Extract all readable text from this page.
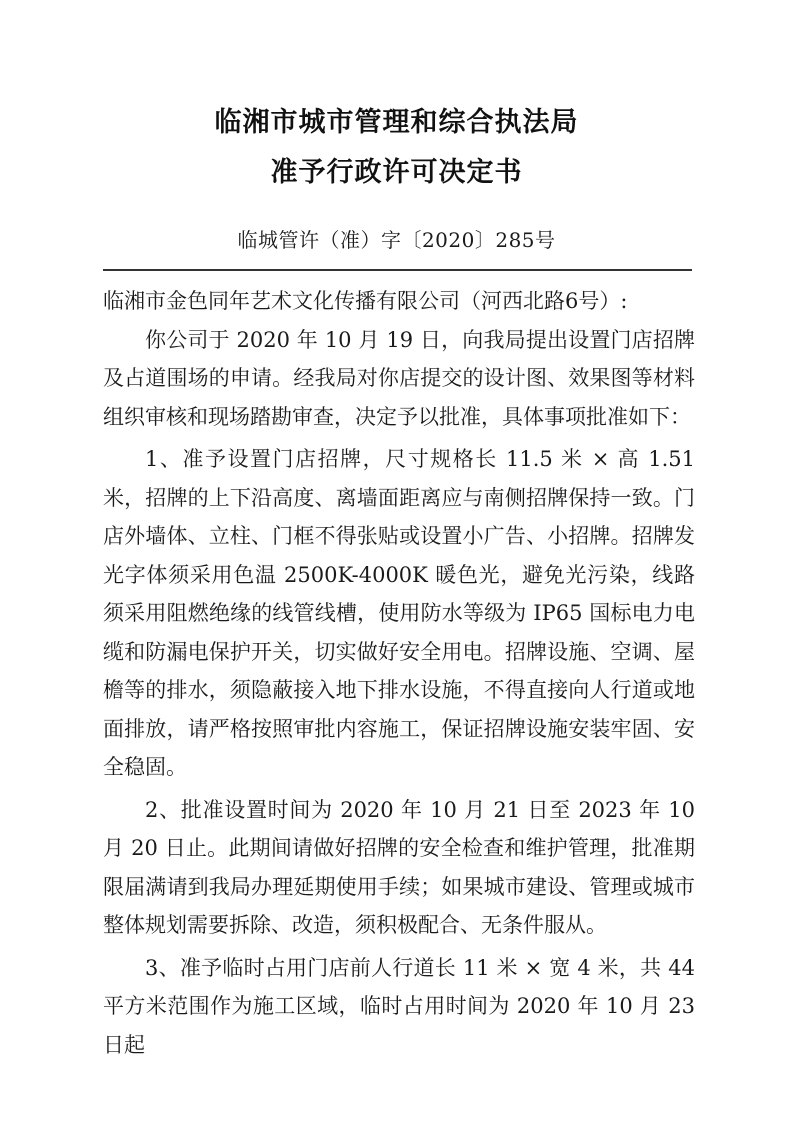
临湘市城市管理和综合执法局
准予行政许可决定书
临城管许（准）字〔2020〕285号

临湘市金色同年艺术文化传播有限公司（河西北路6号）:

你公司于 2020 年 10 月 19 日，向我局提出设置门店招牌及占道围场的申请。经我局对你店提交的设计图、效果图等材料组织审核和现场踏勘审查，决定予以批准，具体事项批准如下：

1、准予设置门店招牌，尺寸规格长 11.5 米 × 高 1.51 米，招牌的上下沿高度、离墙面距离应与南侧招牌保持一致。门店外墙体、立柱、门框不得张贴或设置小广告、小招牌。招牌发光字体须采用色温 2500K-4000K 暖色光，避免光污染，线路须采用阻燃绝缘的线管线槽，使用防水等级为 IP65 国标电力电缆和防漏电保护开关，切实做好安全用电。招牌设施、空调、屋檐等的排水，须隐蔽接入地下排水设施，不得直接向人行道或地面排放，请严格按照审批内容施工，保证招牌设施安装牢固、安全稳固。

2、批准设置时间为 2020 年 10 月 21 日至 2023 年 10 月 20 日止。此期间请做好招牌的安全检查和维护管理，批准期限届满请到我局办理延期使用手续；如果城市建设、管理或城市整体规划需要拆除、改造，须积极配合、无条件服从。

3、准予临时占用门店前人行道长 11 米 × 宽 4 米，共 44 平方米范围作为施工区域，临时占用时间为 2020 年 10 月 23 日起
